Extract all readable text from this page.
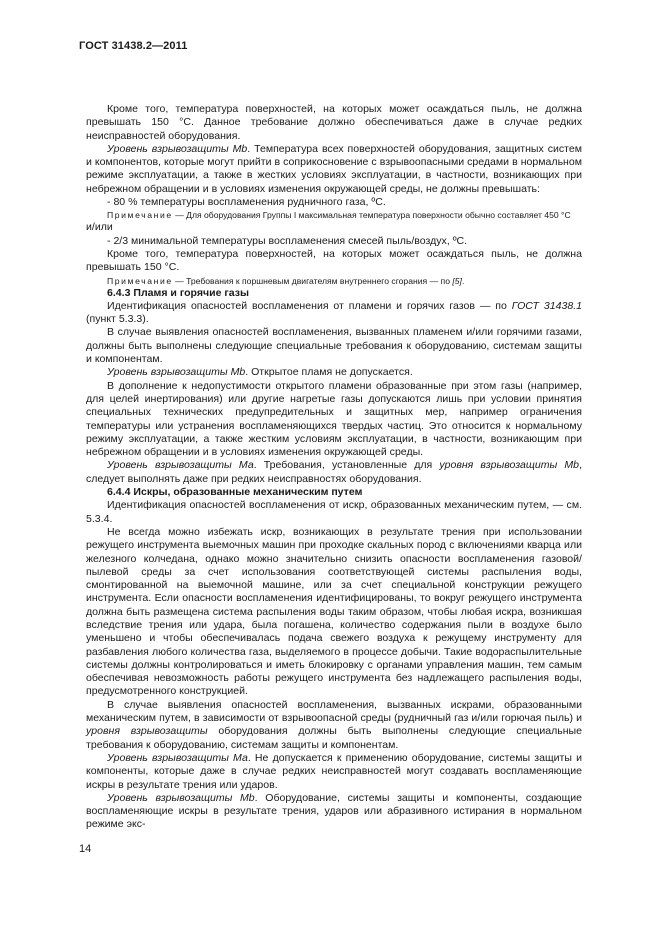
ГОСТ 31438.2—2011

Кроме того, температура поверхностей, на которых может осаждаться пыль, не должна превышать 150 °С. Данное требование должно обеспечиваться даже в случае редких неисправностей оборудования.

Уровень взрывозащиты Mb. Температура всех поверхностей оборудования, защитных систем и компонентов, которые могут прийти в соприкосновение с взрывоопасными средами в нормальном режиме эксплуатации, а также в жестких условиях эксплуатации, в частности, возникающих при небрежном обращении и в условиях изменения окружающей среды, не должны превышать:

- 80 % температуры воспламенения рудничного газа, ºС.

Примечание — Для оборудования Группы I максимальная температура поверхности обычно составляет 450 °С

и/или

- 2/3 минимальной температуры воспламенения смесей пыль/воздух, ºС.

Кроме того, температура поверхностей, на которых может осаждаться пыль, не должна превышать 150 °С.

Примечание — Требования к поршневым двигателям внутреннего сгорания — по [5].

6.4.3 Пламя и горячие газы

Идентификация опасностей воспламенения от пламени и горячих газов — по ГОСТ 31438.1 (пункт 5.3.3).

В случае выявления опасностей воспламенения, вызванных пламенем и/или горячими газами, должны быть выполнены следующие специальные требования к оборудованию, системам защиты и компонентам.

Уровень взрывозащиты Mb. Открытое пламя не допускается.

В дополнение к недопустимости открытого пламени образованные при этом газы (например, для целей инертирования) или другие нагретые газы допускаются лишь при условии принятия специальных технических предупредительных и защитных мер, например ограничения температуры или устранения воспламеняющихся твердых частиц. Это относится к нормальному режиму эксплуатации, а также жестким условиям эксплуатации, в частности, возникающим при небрежном обращении и в условиях изменения окружающей среды.

Уровень взрывозащиты Ма. Требования, установленные для уровня взрывозащиты Mb, следует выполнять даже при редких неисправностях оборудования.

6.4.4 Искры, образованные механическим путем

Идентификация опасностей воспламенения от искр, образованных механическим путем, — см. 5.3.4.

Не всегда можно избежать искр, возникающих в результате трения при использовании режущего инструмента выемочных машин при проходке скальных пород с включениями кварца или железного колчедана, однако можно значительно снизить опасности воспламенения газовой/пылевой среды за счет использования соответствующей системы распыления воды, смонтированной на выемочной машине, или за счет специальной конструкции режущего инструмента. Если опасности воспламенения идентифицированы, то вокруг режущего инструмента должна быть размещена система распыления воды таким образом, чтобы любая искра, возникшая вследствие трения или удара, была погашена, количество содержания пыли в воздухе было уменьшено и чтобы обеспечивалась подача свежего воздуха к режущему инструменту для разбавления любого количества газа, выделяемого в процессе добычи. Такие водораспылительные системы должны контролироваться и иметь блокировку с органами управления машин, тем самым обеспечивая невозможность работы режущего инструмента без надлежащего распыления воды, предусмотренного конструкцией.

В случае выявления опасностей воспламенения, вызванных искрами, образованными механическим путем, в зависимости от взрывоопасной среды (рудничный газ и/или горючая пыль) и уровня взрывозащиты оборудования должны быть выполнены следующие специальные требования к оборудованию, системам защиты и компонентам.

Уровень взрывозащиты Ма. Не допускается к применению оборудование, системы защиты и компоненты, которые даже в случае редких неисправностей могут создавать воспламеняющие искры в результате трения или ударов.

Уровень взрывозащиты Mb. Оборудование, системы защиты и компоненты, создающие воспламеняющие искры в результате трения, ударов или абразивного истирания в нормальном режиме экс-

14
